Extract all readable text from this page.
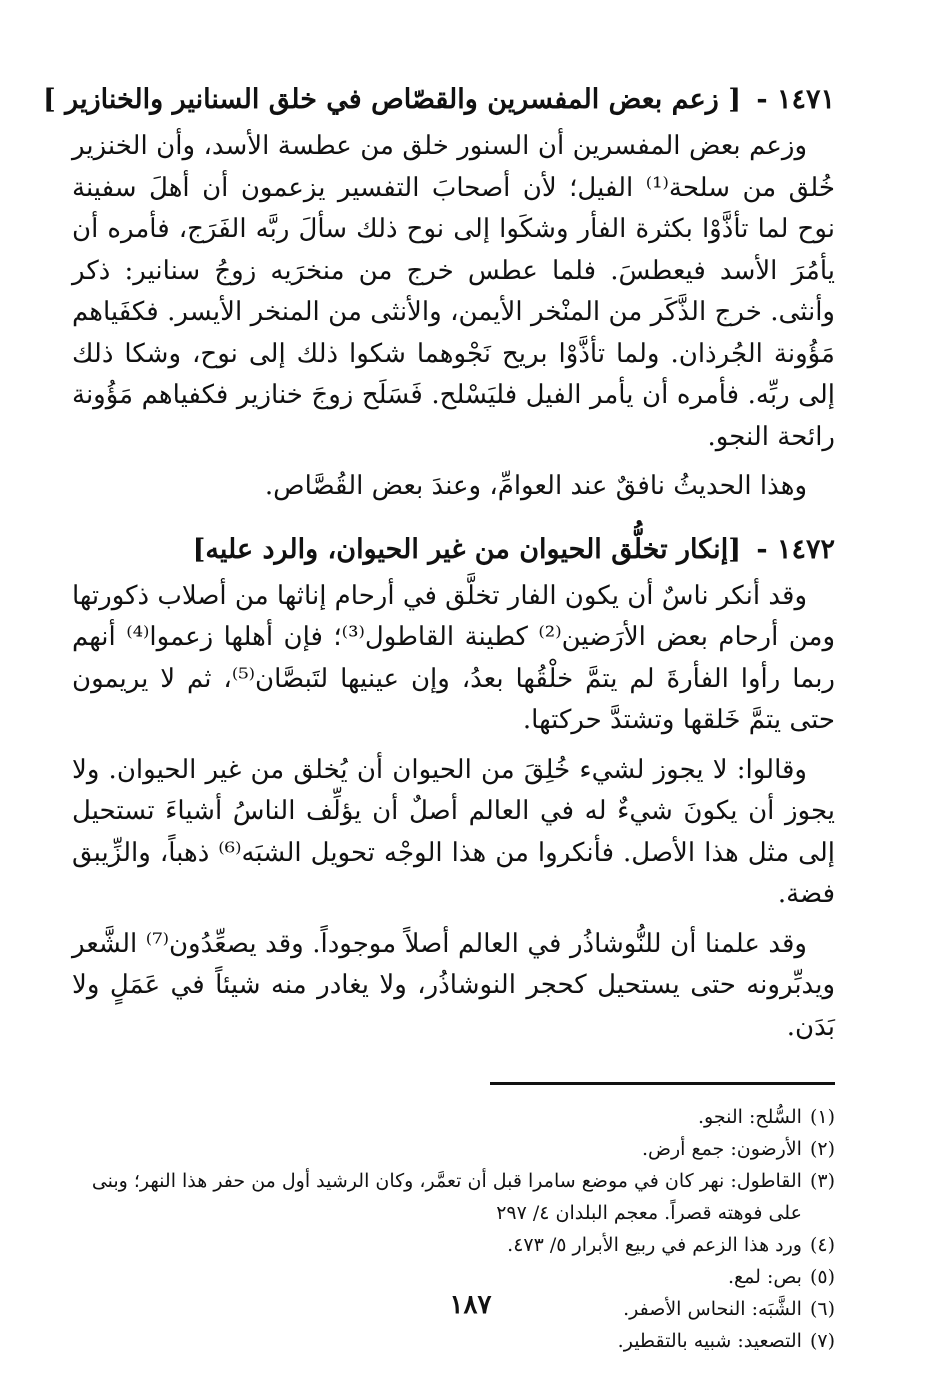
١٤٧١ - [ زعم بعض المفسرين والقصّاص في خلق السنانير والخنازير ]

وزعم بعض المفسرين أن السنور خلق من عطسة الأسد، وأن الخنزير خُلق من سلحة⁽¹⁾ الفيل؛ لأن أصحابَ التفسير يزعمون أن أهلَ سفينة نوح لما تأذَّوْا بكثرة الفأر وشكَوا إلى نوح ذلك سألَ ربَّه الفَرَج، فأمره أن يأمُرَ الأسد فيعطسَ. فلما عطس خرج من منخرَيه زوجُ سنانير: ذكر وأنثى. خرج الذَّكَر من المنْخر الأيمن، والأنثى من المنخر الأيسر. فكفَياهم مَؤُونة الجُرذان. ولما تأذَّوْا بريح نَجْوهما شكوا ذلك إلى نوح، وشكا ذلك إلى ربِّه. فأمره أن يأمر الفيل فليَسْلح. فَسَلَح زوجَ خنازير فكفياهم مَؤُونة رائحة النجو.

وهذا الحديثُ نافقٌ عند العوامِّ، وعندَ بعض القُصَّاص.

١٤٧٢ - [إنكار تخلُّق الحيوان من غير الحيوان، والرد عليه]

وقد أنكر ناسٌ أن يكون الفار تخلَّق في أرحام إناثها من أصلاب ذكورتها ومن أرحام بعض الأرَضين⁽²⁾ كطينة القاطول⁽³⁾؛ فإن أهلها زعموا⁽⁴⁾ أنهم ربما رأوا الفأرةَ لم يتمَّ خلْقُها بعدُ، وإن عينيها لتَبصَّان⁽⁵⁾، ثم لا يريمون حتى يتمَّ خَلقها وتشتدَّ حركتها.

وقالوا: لا يجوز لشيء خُلِقَ من الحيوان أن يُخلق من غير الحيوان. ولا يجوز أن يكونَ شيءٌ له في العالم أصلٌ أن يؤلِّف الناسُ أشياءَ تستحيل إلى مثل هذا الأصل. فأنكروا من هذا الوجْه تحويل الشبَه⁽⁶⁾ ذهباً، والزِّيبق فضة.

وقد علمنا أن للنُّوشاذُر في العالم أصلاً موجوداً. وقد يصعِّدُون⁽⁷⁾ الشَّعر ويدبِّرونه حتى يستحيل كحجر النوشاذُر، ولا يغادر منه شيئاً في عَمَلٍ ولا بَدَن.

(١)
السُّلح: النجو.
(٢)
الأرضون: جمع أرض.
(٣)
القاطول: نهر كان في موضع سامرا قبل أن تعمَّر، وكان الرشيد أول من حفر هذا النهر؛ وبنى على فوهته قصراً. معجم البلدان ٤/ ٢٩٧
(٤)
ورد هذا الزعم في ربيع الأبرار ٥/ ٤٧٣.
(٥)
بص: لمع.
(٦)
الشَّبَه: النحاس الأصفر.
(٧)
التصعيد: شبيه بالتقطير.
١٨٧
